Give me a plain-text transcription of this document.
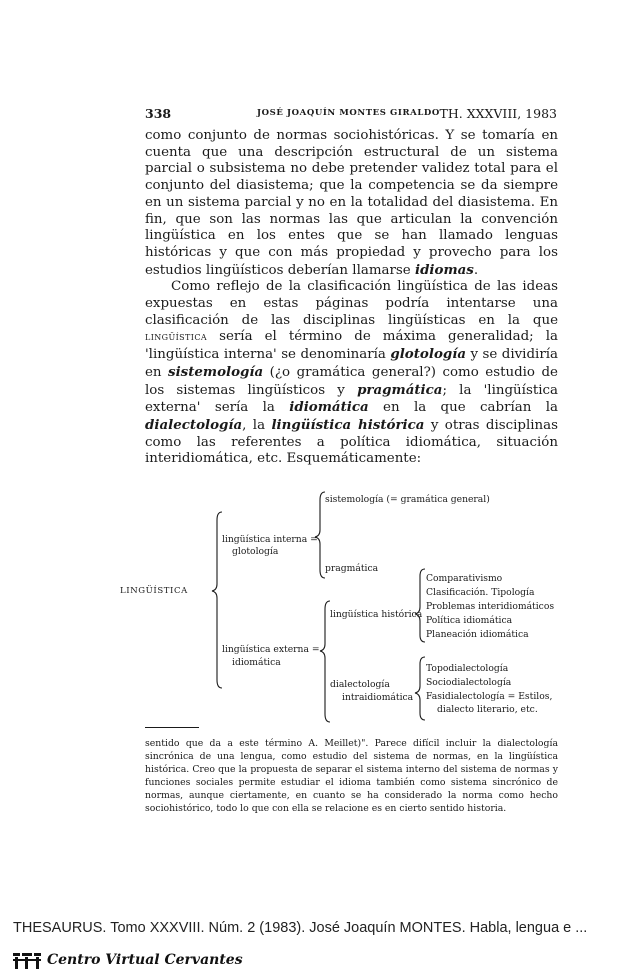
338	JOSÉ JOAQUÍN MONTES GIRALDO TH. XXXVIII, 1983

como conjunto de normas sociohistóricas. Y se tomaría en cuenta que una descripción estructural de un sistema parcial o subsistema no debe pretender validez total para el conjunto del diasistema; que la competencia se da siempre en un sistema parcial y no en la totalidad del diasistema. En fin, que son las normas las que articulan la convención lingüística en los entes que se han llamado lenguas históricas y que con más propiedad y provecho para los estudios lingüísticos deberían llamarse idiomas.

Como reflejo de la clasificación lingüística de las ideas expuestas en estas páginas podría intentarse una clasificación de las disciplinas lingüísticas en la que lingüística sería el término de máxima generalidad; la 'lingüística interna' se denominaría glotología y se dividiría en sistemología (¿o gramática general?) como estudio de los sistemas lingüísticos y pragmática; la 'lingüística externa' sería la idiomática en la que cabrían la dialectología, la lingüística histórica y otras disciplinas como las referentes a política idiomática, situación interidiomática, etc. Esquemáticamente:

LINGÜÍSTICA
lingüística interna =
glotología
sistemología (= gramática general)
pragmática
lingüística externa =
idiomática
lingüística histórica
Comparativismo
Clasificación. Tipología
Problemas interidiomáticos
Política idiomática
Planeación idiomática
dialectología
intraidiomática
Topodialectología
Sociodialectología
Fasidialectología = Estilos,
dialecto literario, etc.
sentido que da a este término A. Meillet)". Parece difícil incluir la dialectología sincrónica de una lengua, como estudio del sistema de normas, en la lingüística histórica. Creo que la propuesta de separar el sistema interno del sistema de normas y funciones sociales permite estudiar el idioma también como sistema sincrónico de normas, aunque ciertamente, en cuanto se ha considerado la norma como hecho sociohistórico, todo lo que con ella se relacione es en cierto sentido historia.
THESAURUS. Tomo XXXVIII. Núm. 2 (1983). José Joaquín MONTES. Habla, lengua e ...
Centro Virtual Cervantes
